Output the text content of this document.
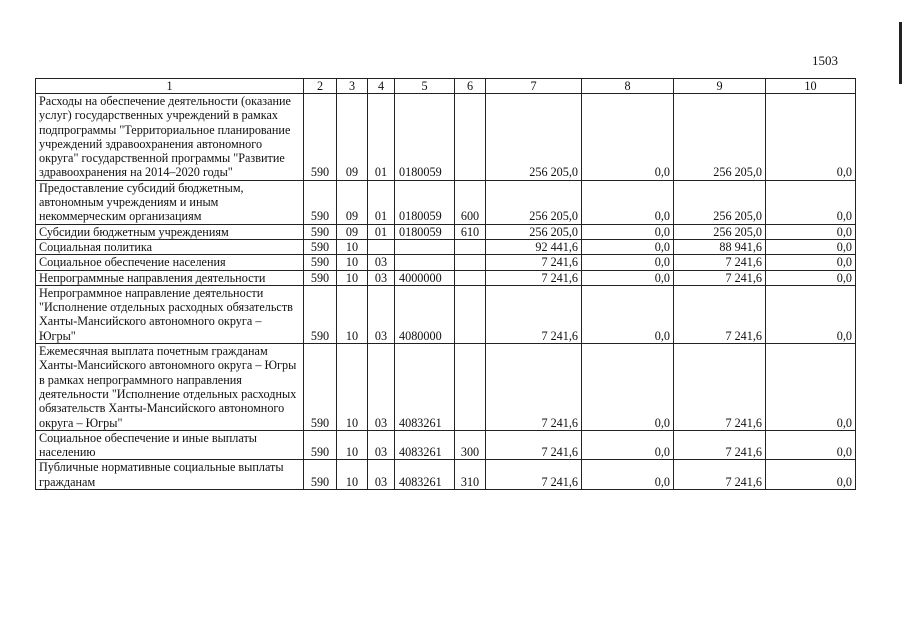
1503
1	2	3	4	5	6	7	8	9	10
Расходы на обеспечение деятельности (оказание услуг) государственных учреждений в рамках подпрограммы "Территориальное планирование учреждений здравоохранения автономного округа" государственной программы "Развитие здравоохранения на 2014–2020 годы"	590	09	01	0180059		256 205,0	0,0	256 205,0	0,0
Предоставление субсидий бюджетным, автономным учреждениям и иным некоммерческим организациям	590	09	01	0180059	600	256 205,0	0,0	256 205,0	0,0
Субсидии бюджетным учреждениям	590	09	01	0180059	610	256 205,0	0,0	256 205,0	0,0
Социальная политика	590	10				92 441,6	0,0	88 941,6	0,0
Социальное обеспечение населения	590	10	03			7 241,6	0,0	7 241,6	0,0
Непрограммные направления деятельности	590	10	03	4000000		7 241,6	0,0	7 241,6	0,0
Непрограммное направление деятельности "Исполнение отдельных расходных обязательств Ханты-Мансийского автономного округа – Югры"	590	10	03	4080000		7 241,6	0,0	7 241,6	0,0
Ежемесячная выплата почетным гражданам Ханты-Мансийского автономного округа – Югры в рамках непрограммного направления деятельности "Исполнение отдельных расходных обязательств Ханты-Мансийского автономного округа – Югры"	590	10	03	4083261		7 241,6	0,0	7 241,6	0,0
Социальное обеспечение и иные выплаты населению	590	10	03	4083261	300	7 241,6	0,0	7 241,6	0,0
Публичные нормативные социальные выплаты гражданам	590	10	03	4083261	310	7 241,6	0,0	7 241,6	0,0
